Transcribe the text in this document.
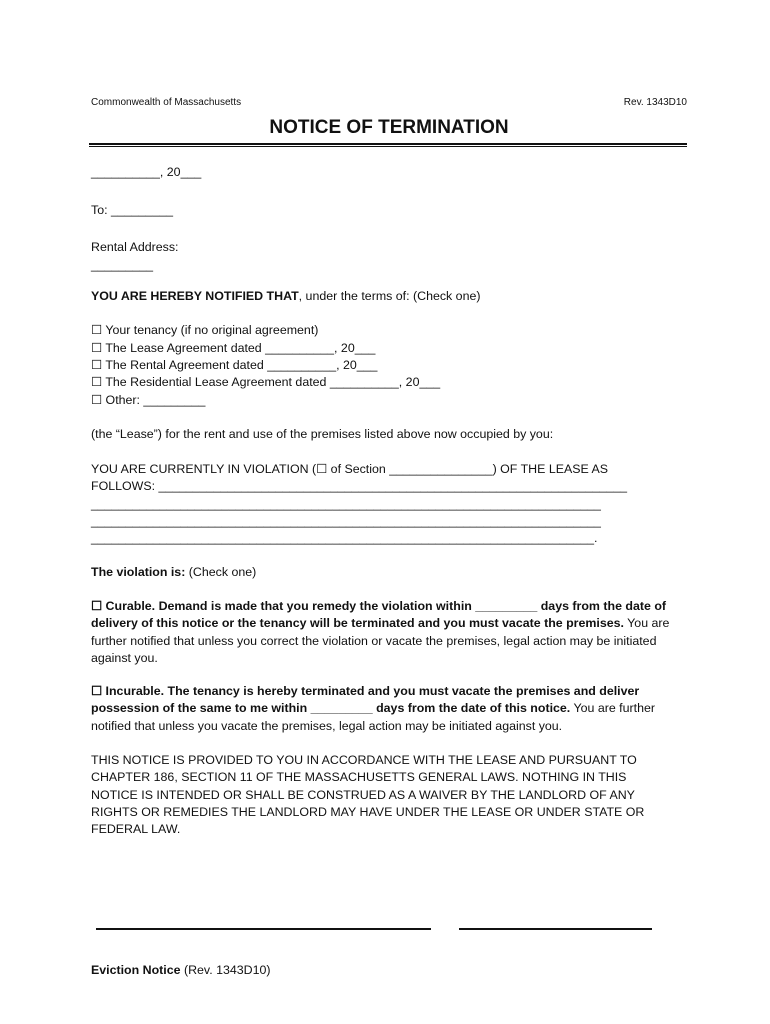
Commonwealth of Massachusetts	Rev. 1343D10
NOTICE OF TERMINATION
__________, 20___
To: _________
Rental Address:
_________
YOU ARE HEREBY NOTIFIED THAT, under the terms of: (Check one)
☐ Your tenancy (if no original agreement)
☐ The Lease Agreement dated __________, 20___
☐ The Rental Agreement dated __________, 20___
☐ The Residential Lease Agreement dated __________, 20___
☐ Other: _________
(the “Lease”) for the rent and use of the premises listed above now occupied by you:
YOU ARE CURRENTLY IN VIOLATION (☐ of Section _______________) OF THE LEASE AS
FOLLOWS: ____________________________________________________________________
__________________________________________________________________________
__________________________________________________________________________
_________________________________________________________________________.
The violation is: (Check one)
☐ Curable. Demand is made that you remedy the violation within _________ days from the date of delivery of this notice or the tenancy will be terminated and you must vacate the premises. You are further notified that unless you correct the violation or vacate the premises, legal action may be initiated against you.
☐ Incurable. The tenancy is hereby terminated and you must vacate the premises and deliver possession of the same to me within _________ days from the date of this notice. You are further notified that unless you vacate the premises, legal action may be initiated against you.
THIS NOTICE IS PROVIDED TO YOU IN ACCORDANCE WITH THE LEASE AND PURSUANT TO CHAPTER 186, SECTION 11 OF THE MASSACHUSETTS GENERAL LAWS. NOTHING IN THIS NOTICE IS INTENDED OR SHALL BE CONSTRUED AS A WAIVER BY THE LANDLORD OF ANY RIGHTS OR REMEDIES THE LANDLORD MAY HAVE UNDER THE LEASE OR UNDER STATE OR FEDERAL LAW.
Eviction Notice (Rev. 1343D10)
